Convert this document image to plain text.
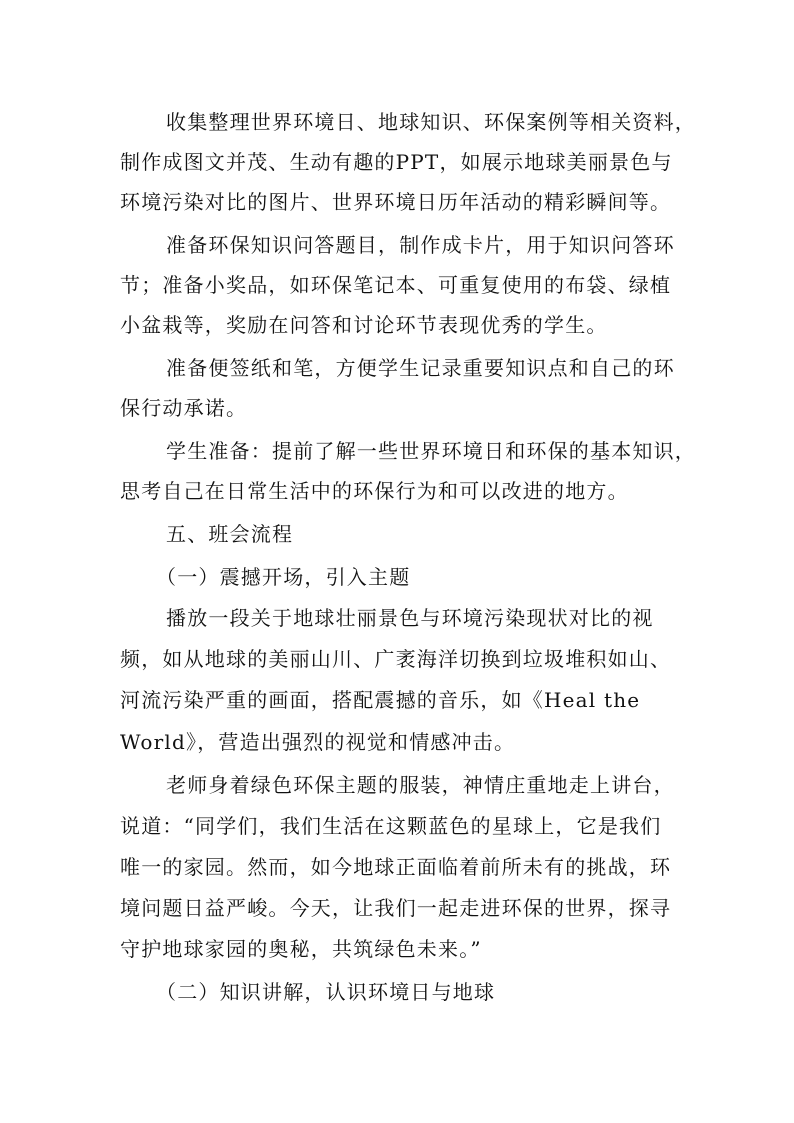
收集整理世界环境日、地球知识、环保案例等相关资料，
制作成图文并茂、生动有趣的PPT，如展示地球美丽景色与
环境污染对比的图片、世界环境日历年活动的精彩瞬间等。
准备环保知识问答题目，制作成卡片，用于知识问答环
节；准备小奖品，如环保笔记本、可重复使用的布袋、绿植
小盆栽等，奖励在问答和讨论环节表现优秀的学生。
准备便签纸和笔，方便学生记录重要知识点和自己的环
保行动承诺。
学生准备：提前了解一些世界环境日和环保的基本知识，
思考自己在日常生活中的环保行为和可以改进的地方。
五、班会流程
（一）震撼开场，引入主题
播放一段关于地球壮丽景色与环境污染现状对比的视
频，如从地球的美丽山川、广袤海洋切换到垃圾堆积如山、
河流污染严重的画面，搭配震撼的音乐，如《Heal the
World》，营造出强烈的视觉和情感冲击。
老师身着绿色环保主题的服装，神情庄重地走上讲台，
说道：“同学们，我们生活在这颗蓝色的星球上，它是我们
唯一的家园。然而，如今地球正面临着前所未有的挑战，环
境问题日益严峻。今天，让我们一起走进环保的世界，探寻
守护地球家园的奥秘，共筑绿色未来。”
（二）知识讲解，认识环境日与地球
